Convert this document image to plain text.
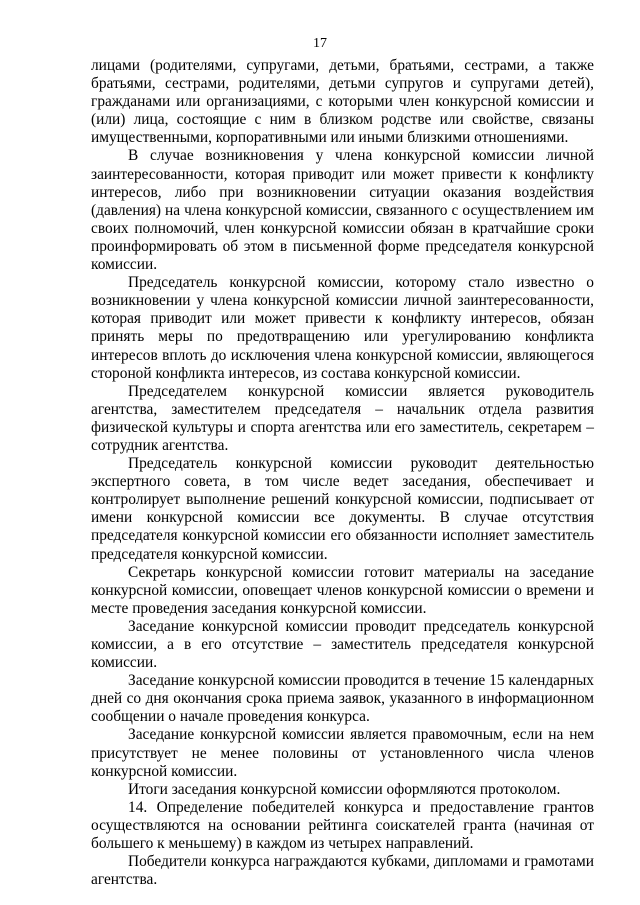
17

лицами (родителями, супругами, детьми, братьями, сестрами, а также братьями, сестрами, родителями, детьми супругов и супругами детей), гражданами или организациями, с которыми член конкурсной комиссии и (или) лица, состоящие с ним в близком родстве или свойстве, связаны имущественными, корпоративными или иными близкими отношениями.

В случае возникновения у члена конкурсной комиссии личной заинтересованности, которая приводит или может привести к конфликту интересов, либо при возникновении ситуации оказания воздействия (давления) на члена конкурсной комиссии, связанного с осуществлением им своих полномочий, член конкурсной комиссии обязан в кратчайшие сроки проинформировать об этом в письменной форме председателя конкурсной комиссии.

Председатель конкурсной комиссии, которому стало известно о возникновении у члена конкурсной комиссии личной заинтересованности, которая приводит или может привести к конфликту интересов, обязан принять меры по предотвращению или урегулированию конфликта интересов вплоть до исключения члена конкурсной комиссии, являющегося стороной конфликта интересов, из состава конкурсной комиссии.

Председателем конкурсной комиссии является руководитель агентства, заместителем председателя – начальник отдела развития физической культуры и спорта агентства или его заместитель, секретарем – сотрудник агентства.

Председатель конкурсной комиссии руководит деятельностью экспертного совета, в том числе ведет заседания, обеспечивает и контролирует выполнение решений конкурсной комиссии, подписывает от имени конкурсной комиссии все документы. В случае отсутствия председателя конкурсной комиссии его обязанности исполняет заместитель председателя конкурсной комиссии.

Секретарь конкурсной комиссии готовит материалы на заседание конкурсной комиссии, оповещает членов конкурсной комиссии о времени и месте проведения заседания конкурсной комиссии.

Заседание конкурсной комиссии проводит председатель конкурсной комиссии, а в его отсутствие – заместитель председателя конкурсной комиссии.

Заседание конкурсной комиссии проводится в течение 15 календарных дней со дня окончания срока приема заявок, указанного в информационном сообщении о начале проведения конкурса.

Заседание конкурсной комиссии является правомочным, если на нем присутствует не менее половины от установленного числа членов конкурсной комиссии.

Итоги заседания конкурсной комиссии оформляются протоколом.

14. Определение победителей конкурса и предоставление грантов осуществляются на основании рейтинга соискателей гранта (начиная от большего к меньшему) в каждом из четырех направлений.

Победители конкурса награждаются кубками, дипломами и грамотами агентства.
